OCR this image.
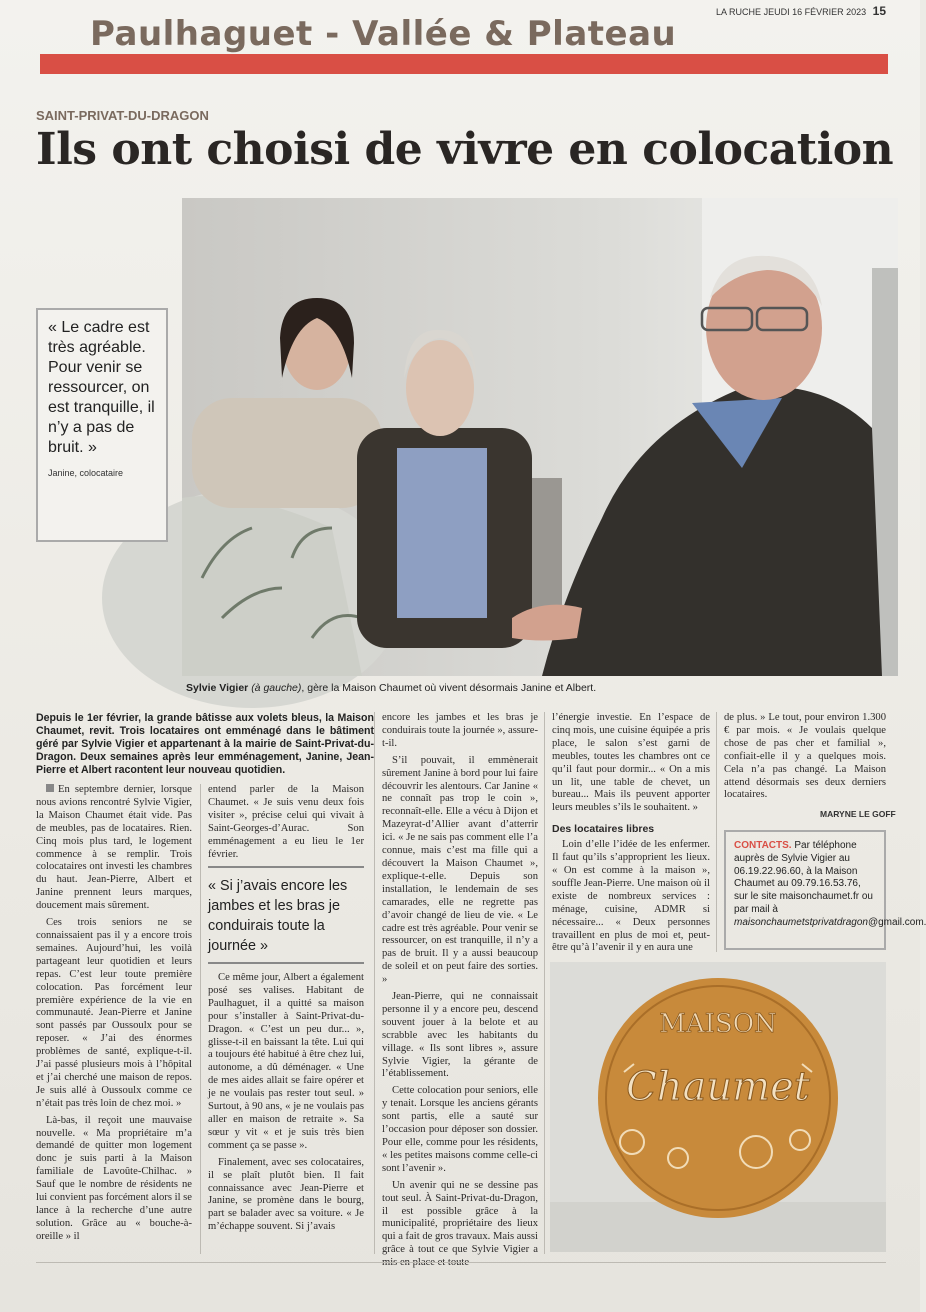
LA RUCHE JEUDI 16 FÉVRIER 2023 15
Paulhaguet - Vallée & Plateau
SAINT-PRIVAT-DU-DRAGON
Ils ont choisi de vivre en colocation
Sylvie Vigier (à gauche), gère la Maison Chaumet où vivent désormais Janine et Albert.
« Le cadre est très agréable. Pour venir se ressourcer, on est tranquille, il n’y a pas de bruit. »
Janine, colocataire
Depuis le 1er février, la grande bâtisse aux volets bleus, la Maison Chaumet, revit. Trois locataires ont emménagé dans le bâtiment géré par Sylvie Vigier et appartenant à la mairie de Saint-Privat-du-Dragon. Deux semaines après leur emménagement, Janine, Jean-Pierre et Albert racontent leur nouveau quotidien.

En septembre dernier, lorsque nous avions rencontré Sylvie Vigier, la Maison Chaumet était vide. Pas de meubles, pas de locataires. Rien. Cinq mois plus tard, le logement commence à se remplir. Trois colocataires ont investi les chambres du haut. Jean-Pierre, Albert et Janine prennent leurs marques, doucement mais sûrement.

Ces trois seniors ne se connaissaient pas il y a encore trois semaines. Aujourd’hui, les voilà partageant leur quotidien et leurs repas. C’est leur toute première colocation. Pas forcément leur première expérience de la vie en communauté. Jean-Pierre et Janine sont passés par Oussoulx pour se reposer. « J’ai des énormes problèmes de santé, explique-t-il. J’ai passé plusieurs mois à l’hôpital et j’ai cherché une maison de repos. Je suis allé à Oussoulx comme ce n’était pas très loin de chez moi. »

Là-bas, il reçoit une mauvaise nouvelle. « Ma propriétaire m’a demandé de quitter mon logement donc je suis parti à la Maison familiale de Lavoûte-Chilhac. » Sauf que le nombre de résidents ne lui convient pas forcément alors il se lance à la recherche d’une autre solution. Grâce au « bouche-à-oreille » il

entend parler de la Maison Chaumet. « Je suis venu deux fois visiter », précise celui qui vivait à Saint-Georges-d’Aurac. Son emménagement a eu lieu le 1er février.

« Si j’avais encore les jambes et les bras je conduirais toute la journée »

Ce même jour, Albert a également posé ses valises. Habitant de Paulhaguet, il a quitté sa maison pour s’installer à Saint-Privat-du-Dragon. « C’est un peu dur... », glisse-t-il en baissant la tête. Lui qui a toujours été habitué à être chez lui, autonome, a dû déménager. « Une de mes aides allait se faire opérer et je ne voulais pas rester tout seul. » Surtout, à 90 ans, « je ne voulais pas aller en maison de retraite ». Sa sœur y vit « et je suis très bien comment ça se passe ».

Finalement, avec ses colocataires, il se plaît plutôt bien. Il fait connaissance avec Jean-Pierre et Janine, se promène dans le bourg, part se balader avec sa voiture. « Je m’échappe souvent. Si j’avais

encore les jambes et les bras je conduirais toute la journée », assure-t-il.

S’il pouvait, il emmènerait sûrement Janine à bord pour lui faire découvrir les alentours. Car Janine « ne connaît pas trop le coin », reconnaît-elle. Elle a vécu à Dijon et Mazeyrat-d’Allier avant d’atterrir ici. « Je ne sais pas comment elle l’a connue, mais c’est ma fille qui a découvert la Maison Chaumet », explique-t-elle. Depuis son installation, le lendemain de ses camarades, elle ne regrette pas d’avoir changé de lieu de vie. « Le cadre est très agréable. Pour venir se ressourcer, on est tranquille, il n’y a pas de bruit. Il y a aussi beaucoup de soleil et on peut faire des sorties. »

Jean-Pierre, qui ne connaissait personne il y a encore peu, descend souvent jouer à la belote et au scrabble avec les habitants du village. « Ils sont libres », assure Sylvie Vigier, la gérante de l’établissement.

Cette colocation pour seniors, elle y tenait. Lorsque les anciens gérants sont partis, elle a sauté sur l’occasion pour déposer son dossier. Pour elle, comme pour les résidents, « les petites maisons comme celle-ci sont l’avenir ».

Un avenir qui ne se dessine pas tout seul. À Saint-Privat-du-Dragon, il est possible grâce à la municipalité, propriétaire des lieux qui a fait de gros travaux. Mais aussi grâce à tout ce que Sylvie Vigier a

l’énergie investie. En l’espace de cinq mois, une cuisine équipée a pris place, le salon s’est garni de meubles, toutes les chambres ont ce qu’il faut pour dormir... « On a mis un lit, une table de chevet, un bureau... Mais ils peuvent apporter leurs meubles s’ils le souhaitent. »

Des locataires libres

Loin d’elle l’idée de les enfermer. Il faut qu’ils s’approprient les lieux. « On est comme à la maison », souffle Jean-Pierre. Une maison où il existe de nombreux services : ménage, cuisine, ADMR si nécessaire... « Deux personnes travaillent en plus de moi et, peut-être qu’à l’avenir il y en aura une

de plus. » Le tout, pour environ 1.300 € par mois. « Je voulais quelque chose de pas cher et familial », confiait-elle il y a quelques mois. Cela n’a pas changé. La Maison attend désormais ses deux derniers locataires.

MARYNE LE GOFF
CONTACTS. Par téléphone auprès de Sylvie Vigier au 06.19.22.96.60, à la Maison Chaumet au 09.79.16.53.76, sur le site maisonchaumet.fr ou par mail à maisonchaumetstprivatdragon@gmail.com.
MAISON
Chaumet
